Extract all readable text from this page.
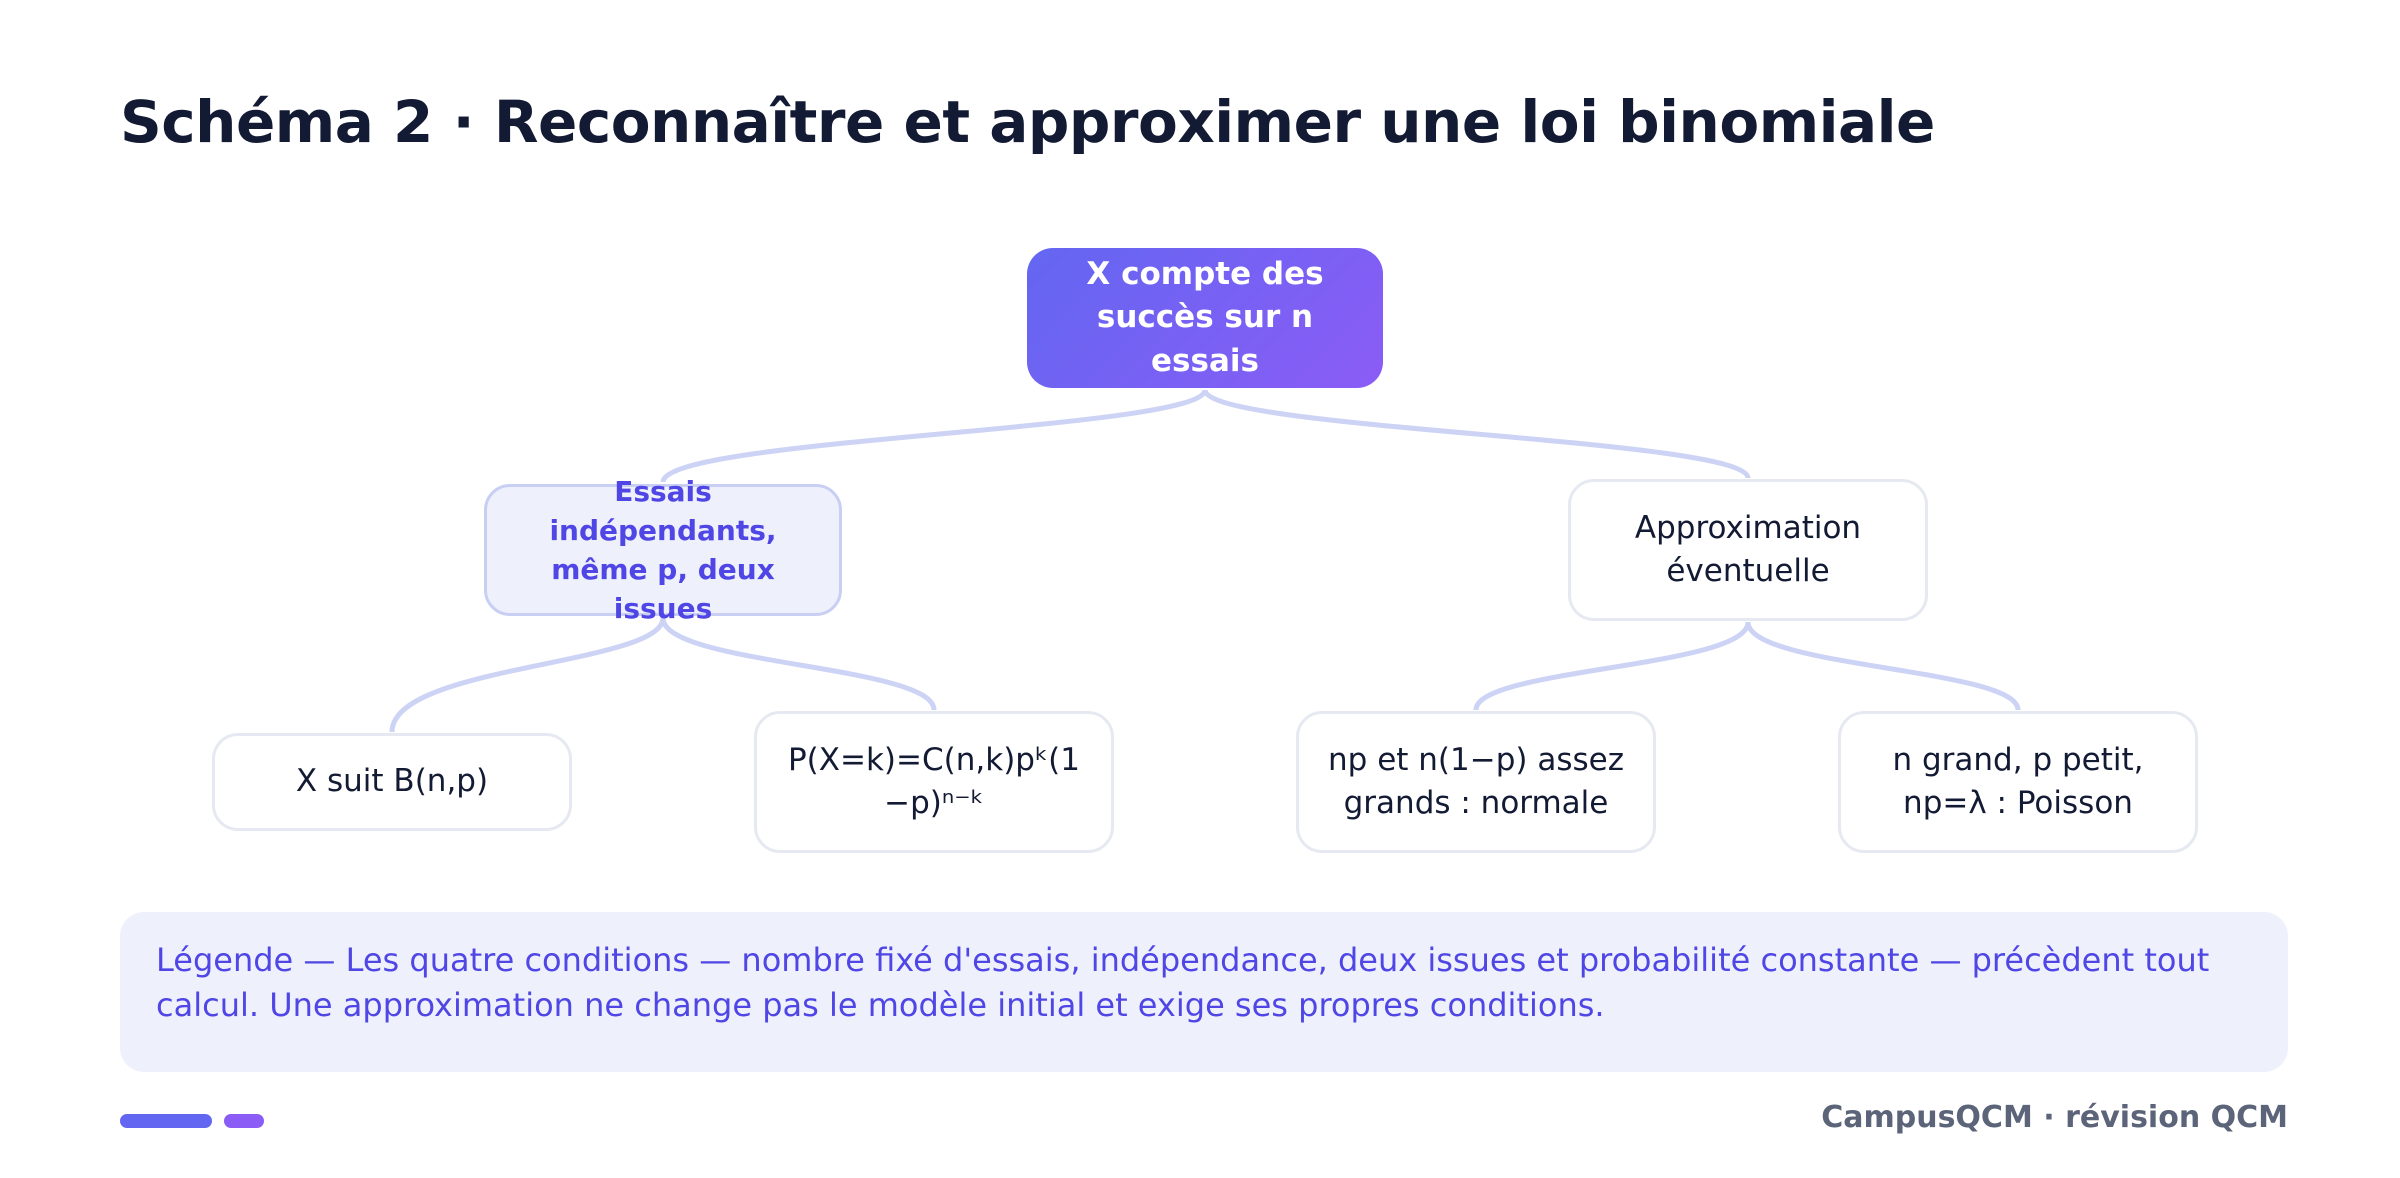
Schéma 2 · Reconnaître et approximer une loi binomiale
X compte des succès sur n essais
Essais indépendants, même p, deux issues
Approximation éventuelle
X suit B(n,p)
P(X=k)=C(n,k)pᵏ(1−p)ⁿ⁻ᵏ
np et n(1−p) assez grands : normale
n grand, p petit, np=λ : Poisson

Légende — Les quatre conditions — nombre fixé d'essais, indépendance, deux issues et probabilité constante — précèdent tout calcul. Une approximation ne change pas le modèle initial et exige ses propres conditions.

CampusQCM · révision QCM
